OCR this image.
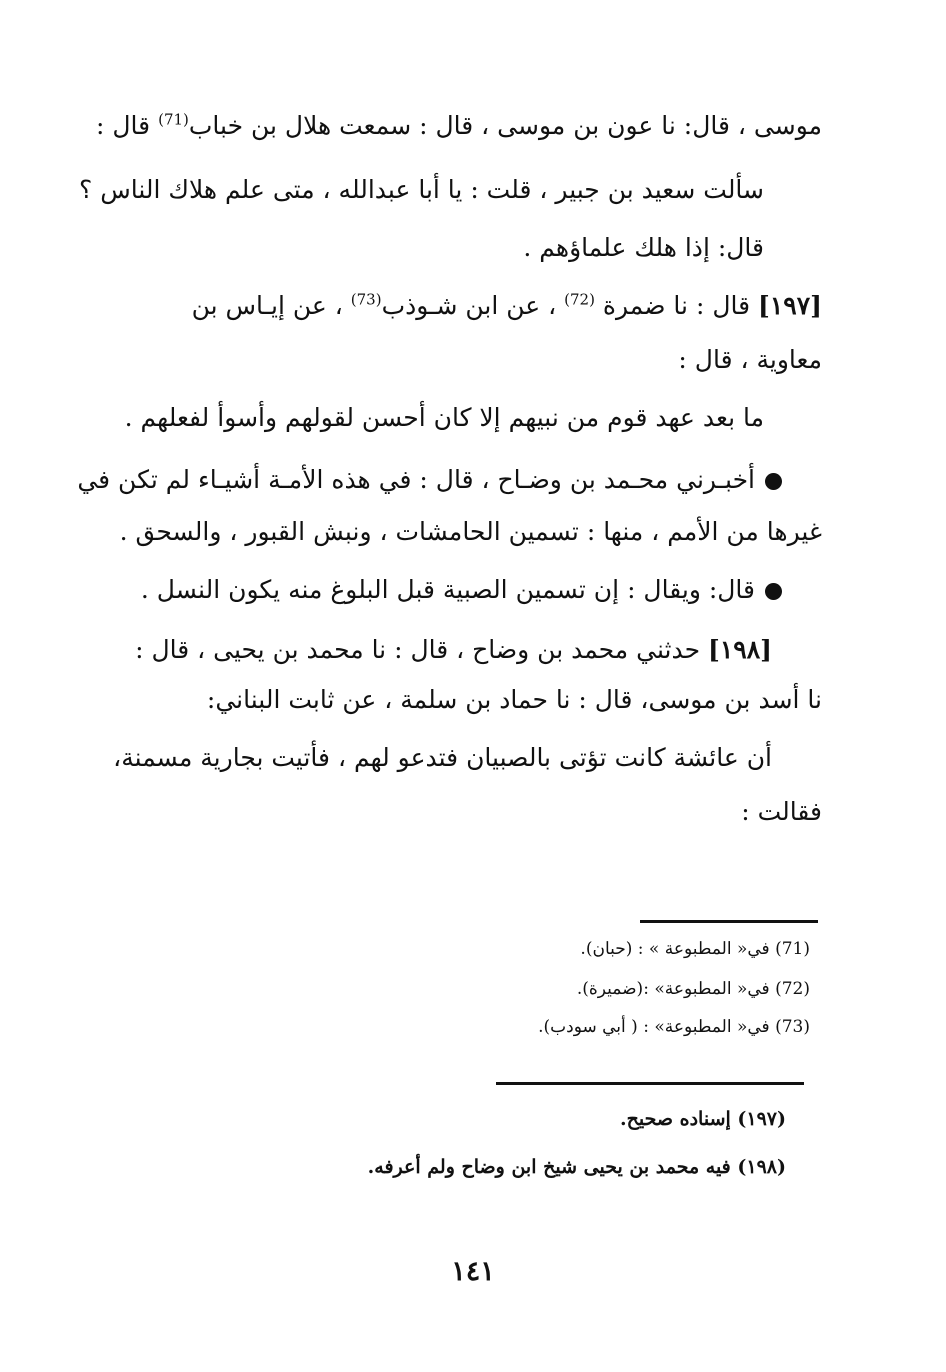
موسى ، قال: نا عون بن موسى ، قال : سمعت هلال بن خباب$^{(71)}$ قال :
سألت سعيد بن جبير ، قلت : يا أبا عبدالله ، متى علم هلاك الناس ؟
قال: إذا هلك علماؤهم .
[١٩٧] قال : نا ضمرة $^{(72)}$ ، عن ابن شـوذب$^{(73)}$ ، عن إيـاس بن
معاوية ، قال :
ما بعد عهد قوم من نبيهم إلا كان أحسن لقولهم وأسوأ لفعلهم .
أخبـرني محـمد بن وضـاح ، قال : في هذه الأمـة أشيـاء لم تكن في
غيرها من الأمم ، منها : تسمين الحامشات ، ونبش القبور ، والسحق .
قال: ويقال : إن تسمين الصبية قبل البلوغ منه يكون النسل .
[١٩٨] حدثني محمد بن وضاح ، قال : نا محمد بن يحيى ، قال :
نا أسد بن موسى، قال : نا حماد بن سلمة ، عن ثابت البناني:
أن عائشة كانت تؤتى بالصبيان فتدعو لهم ، فأتيت بجارية مسمنة،
فقالت :
(71) في« المطبوعة » : (حبان).
(72) في« المطبوعة» :(ضميرة).
(73) في« المطبوعة» : ( أبي سودب).
(١٩٧) إسناده صحيح.
(١٩٨) فيه محمد بن يحيى شيخ ابن وضاح ولم أعرفه.
١٤١
